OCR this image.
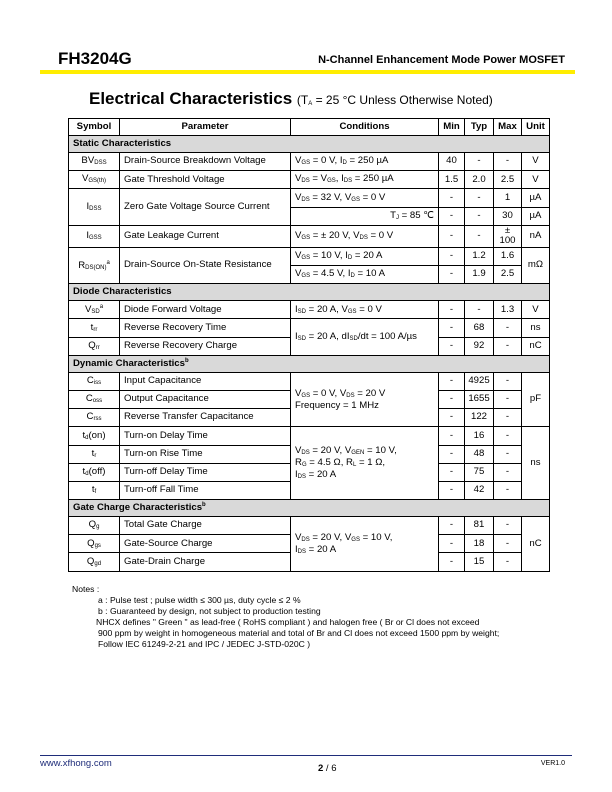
FH3204G	N-Channel Enhancement Mode Power MOSFET
Electrical Characteristics ($T_A = 25$ °C Unless Otherwise Noted)
Symbol	Parameter	Conditions	Min	Typ	Max	Unit
Static Characteristics						
$BV_{DSS}$	Drain-Source Breakdown Voltage	$V_{GS} = 0$ V, $I_D = 250$ µA	40	-	-	V
$V_{GS(th)}$	Gate Threshold Voltage	$V_{DS} = V_{GS}$, $I_{DS} = 250$ µA	1.5	2.0	2.5	V
$I_{DSS}$	Zero Gate Voltage Source Current	$V_{DS} = 32$ V, $V_{GS} = 0$ V	-	-	1	µA
		$T_J = 85$ ℃	-	-	30	µA
$I_{GSS}$	Gate Leakage Current	$V_{GS}$ = ± 20 V, $V_{DS} = 0$ V	-	-	± 100	nA
$R_{DS(ON)}^a$	Drain-Source On-State Resistance	$V_{GS} = 10$ V, $I_D = 20$ A	-	1.2	1.6	mΩ
		$V_{GS} = 4.5$ V, $I_D = 10$ A	-	1.9	2.5	
Diode Characteristics						
$V_{SD}^a$	Diode Forward Voltage	$I_{SD} = 20$ A, $V_{GS} = 0$ V	-	-	1.3	V
$t_{rr}$	Reverse Recovery Time	$I_{SD} = 20$ A, $dI_{SD}/dt = 100$ A/µs	-	68	-	ns
$Q_{rr}$	Reverse Recovery Charge		-	92	-	nC
Dynamic Characteristics$^b$
$C_{iss}$	Input Capacitance	$V_{GS} = 0$ V, $V_{DS} = 20$ V
Frequency = 1 MHz	-	4925	-	pF
$C_{oss}$	Output Capacitance		-	1655	-	
$C_{rss}$	Reverse Transfer Capacitance		-	122	-	
$t_d(on)$	Turn-on Delay Time	$V_{DS} = 20$ V, $V_{GEN} = 10$ V,
$R_G = 4.5$ Ω, $R_L = 1$ Ω,
$I_{DS} = 20$ A	-	16	-	ns
$t_r$	Turn-on Rise Time		-	48	-	
$t_d(off)$	Turn-off Delay Time		-	75	-	
$t_f$	Turn-off Fall Time		-	42	-	
Gate Charge Characteristics$^b$
$Q_g$	Total Gate Charge	$V_{DS} = 20$ V, $V_{GS} = 10$ V,
$I_{DS} = 20$ A	-	81	-	nC
$Q_{gs}$	Gate-Source Charge		-	18	-	
$Q_{gd}$	Gate-Drain Charge		-	15	-	
Notes :
a : Pulse test ; pulse width ≤ 300 µs, duty cycle ≤ 2 %
b : Guaranteed by design, not subject to production testing
NHCX defines " Green " as lead-free ( RoHS compliant ) and halogen free ( Br or Cl does not exceed
900 ppm by weight in homogeneous material and total of Br and Cl does not exceed 1500 ppm by weight;
Follow IEC 61249-2-21 and IPC / JEDEC J-STD-020C )
www.xfhong.com	2 / 6	VER1.0
